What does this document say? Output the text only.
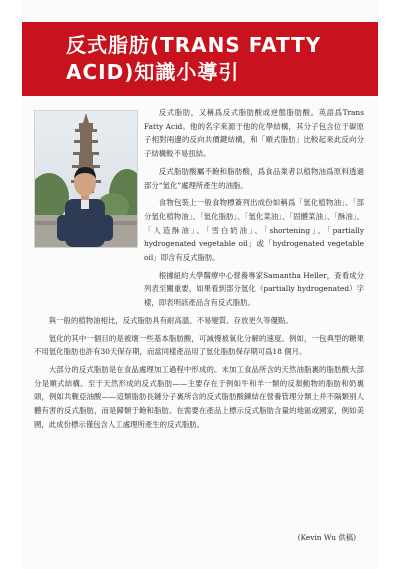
反式脂肪(TRANS FATTY ACID)知識小導引

反式脂肪，又稱爲反式脂肪酸或逆態脂肪酸。英語爲Trans Fatty Acid。他的名字來源于他的化學結構，其分子包含位于碳原子相對兩邊的反向共價鍵結構，和「順式脂肪」比較起來此反向分子結構較不易扭結。

反式脂肪酸屬不飽和脂肪酸，爲食品業者以植物油爲原料透過部分“氫化”處理所產生的油脂。

食物包裝上一般食物標簽列出成份如稱爲「氫化植物油」、「部分氫化植物油」、「氫化脂肪」、「氫化菜油」、「固體菜油」、「酥油」、「人造酥油」、「雪白奶油」、「shortening」、「partially hydrogenated vegetable oil」或「hydrogenated vegetable oil」即含有反式脂肪。

根據紐約大學醫療中心營養專家Samantha Heller，查看成分列表至關重要，如果看到部分氫化（partially hydrogenated）字樣，即表明該產品含有反式脂肪。

與一般的植物油相比，反式脂肪具有耐高溫、不易變質、存放更久等優點。

氫化的其中一個目的是被壞一些基本脂肪酸，可減慢被氧化分解的速度。例如，一包典型的糖果不用氫化脂肪也許有30天保存期，而當同樣產品用了氫化脂肪保存期可爲18 個月。

大部分的反式脂肪是在食品處理加工過程中形成的。未加工食品所含的天然油脂裏的脂肪酸大部分是順式結構。至于天然形成的反式脂肪——主要存在于例如牛和羊一類的反芻動物的脂肪和奶裏頭，例如共軛亞油酸——這類脂肪長鏈分子裏所含的反式脂肪酸鍊結在營養管理分類上并不隔類别人體有害的反式脂肪，而是歸類于飽和脂肪。在需要在產品上標示反式脂肪含量的地區或國家，例如美國，此成份標示僅包含人工處理所產生的反式脂肪。

(Kevin Wu 供稿)
